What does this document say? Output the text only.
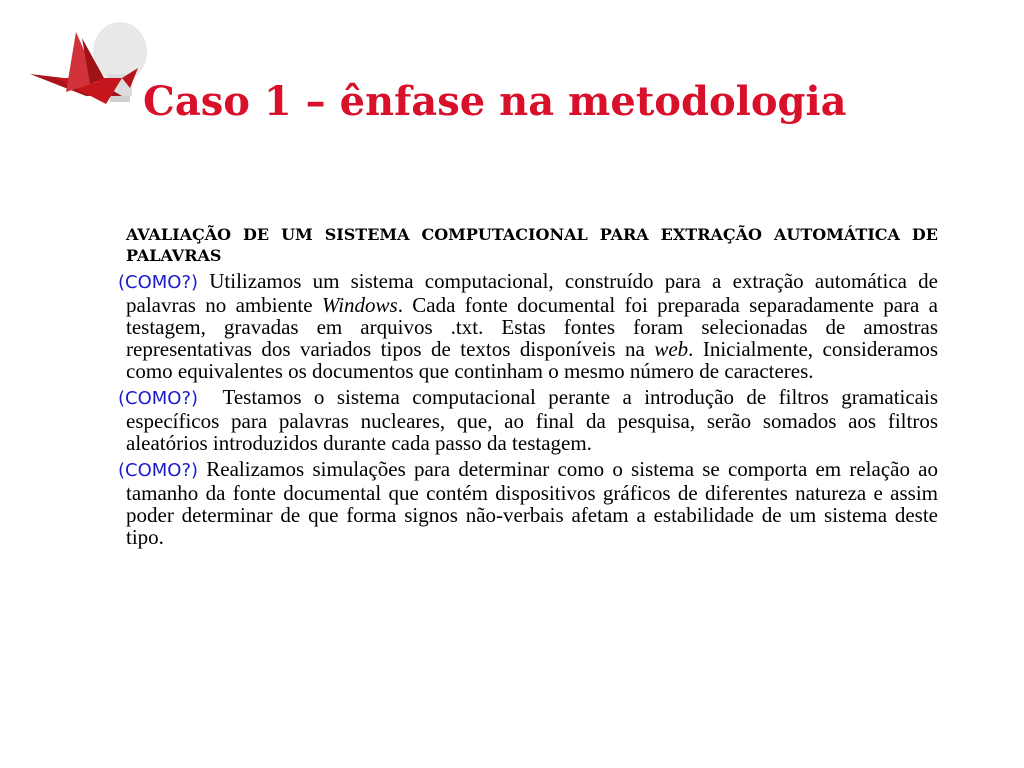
Caso 1 – ênfase na metodologia

AVALIAÇÃO DE UM SISTEMA COMPUTACIONAL PARA EXTRAÇÃO AUTOMÁTICA DE PALAVRAS

(COMO?) Utilizamos um sistema computacional, construído para a extração automática de palavras no ambiente Windows. Cada fonte documental foi preparada separadamente para a testagem, gravadas em arquivos .txt. Estas fontes foram selecionadas de amostras representativas dos variados tipos de textos disponíveis na web. Inicialmente, consideramos como equivalentes os documentos que continham o mesmo número de caracteres.

(COMO?) Testamos o sistema computacional perante a introdução de filtros gramaticais específicos para palavras nucleares, que, ao final da pesquisa, serão somados aos filtros aleatórios introduzidos durante cada passo da testagem.

(COMO?) Realizamos simulações para determinar como o sistema se comporta em relação ao tamanho da fonte documental que contém dispositivos gráficos de diferentes natureza e assim poder determinar de que forma signos não-verbais afetam a estabilidade de um sistema deste tipo.
